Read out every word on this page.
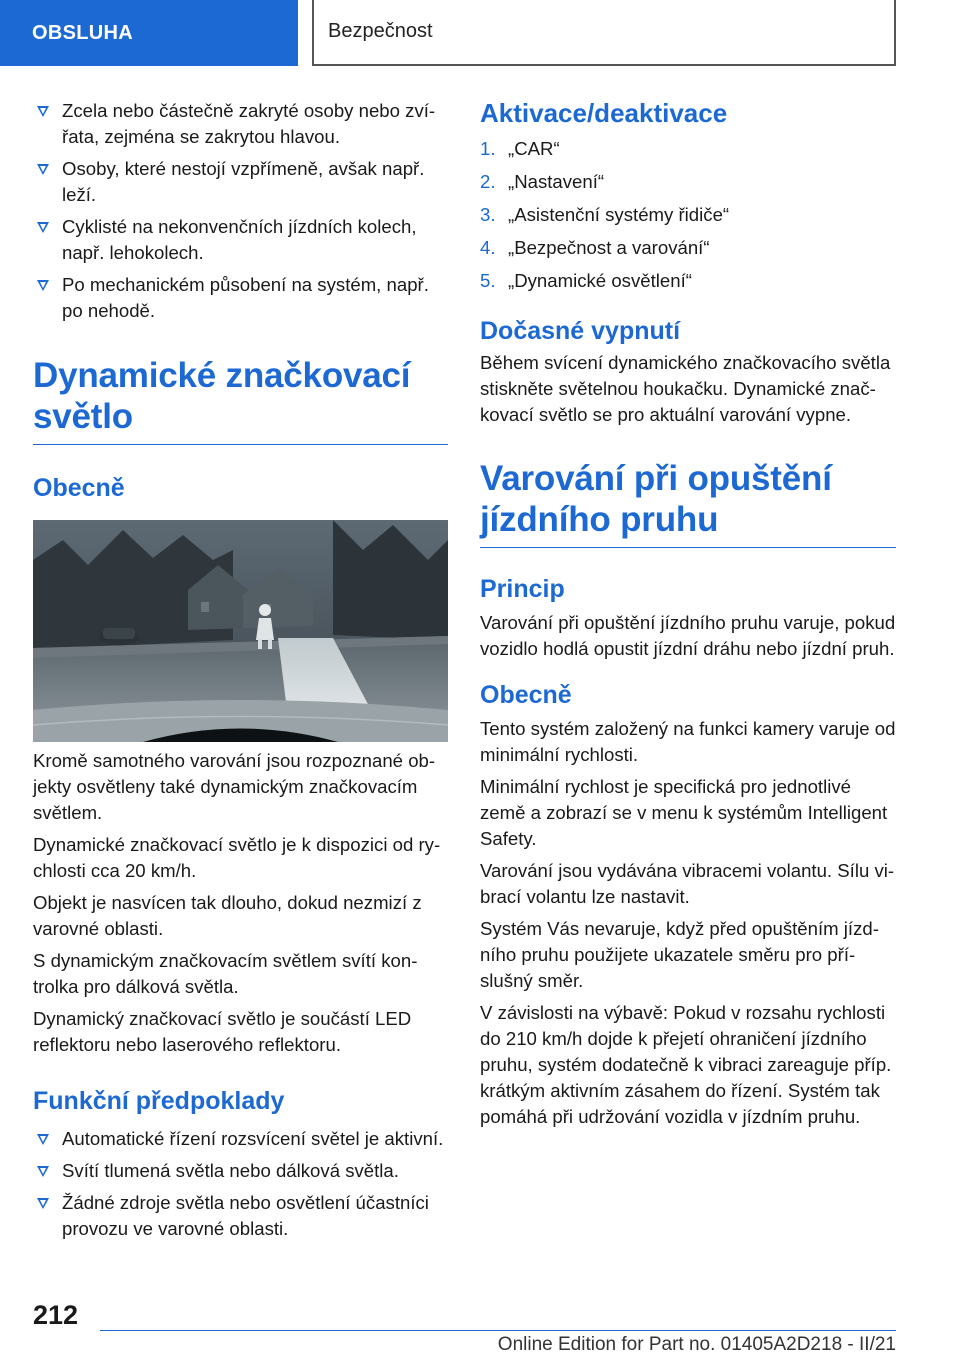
OBSLUHA	Bezpečnost
Zcela nebo částečně zakryté osoby nebo zvířata, zejména se zakrytou hlavou.
Osoby, které nestojí vzpřímeně, avšak např. leží.
Cyklisté na nekonvenčních jízdních kolech, např. lehokolech.
Po mechanickém působení na systém, např. po nehodě.
Dynamické značkovací světlo
Obecně

Kromě samotného varování jsou rozpoznané objekty osvětleny také dynamickým značkovacím světlem.

Dynamické značkovací světlo je k dispozici od rychlosti cca 20 km/h.

Objekt je nasvícen tak dlouho, dokud nezmizí z varovné oblasti.

S dynamickým značkovacím světlem svítí kontrolka pro dálková světla.

Dynamický značkovací světlo je součástí LED reflektoru nebo laserového reflektoru.

Funkční předpoklady
Automatické řízení rozsvícení světel je aktivní.
Svítí tlumená světla nebo dálková světla.
Žádné zdroje světla nebo osvětlení účastníci provozu ve varovné oblasti.
Aktivace/deaktivace
1. „CAR“
2. „Nastavení“
3. „Asistenční systémy řidiče“
4. „Bezpečnost a varování“
5. „Dynamické osvětlení“
Dočasné vypnutí

Během svícení dynamického značkovacího světla stiskněte světelnou houkačku. Dynamické značkovací světlo se pro aktuální varování vypne.

Varování při opuštění jízdního pruhu
Princip

Varování při opuštění jízdního pruhu varuje, pokud vozidlo hodlá opustit jízdní dráhu nebo jízdní pruh.

Obecně

Tento systém založený na funkci kamery varuje od minimální rychlosti.

Minimální rychlost je specifická pro jednotlivé země a zobrazí se v menu k systémům Intelligent Safety.

Varování jsou vydávána vibracemi volantu. Sílu vibrací volantu lze nastavit.

Systém Vás nevaruje, když před opuštěním jízdního pruhu použijete ukazatele směru pro příslušný směr.

V závislosti na výbavě: Pokud v rozsahu rychlosti do 210 km/h dojde k přejetí ohraničení jízdního pruhu, systém dodatečně k vibraci zareaguje příp. krátkým aktivním zásahem do řízení. Systém tak pomáhá při udržování vozidla v jízdním pruhu.

212
Online Edition for Part no. 01405A2D218 - II/21
